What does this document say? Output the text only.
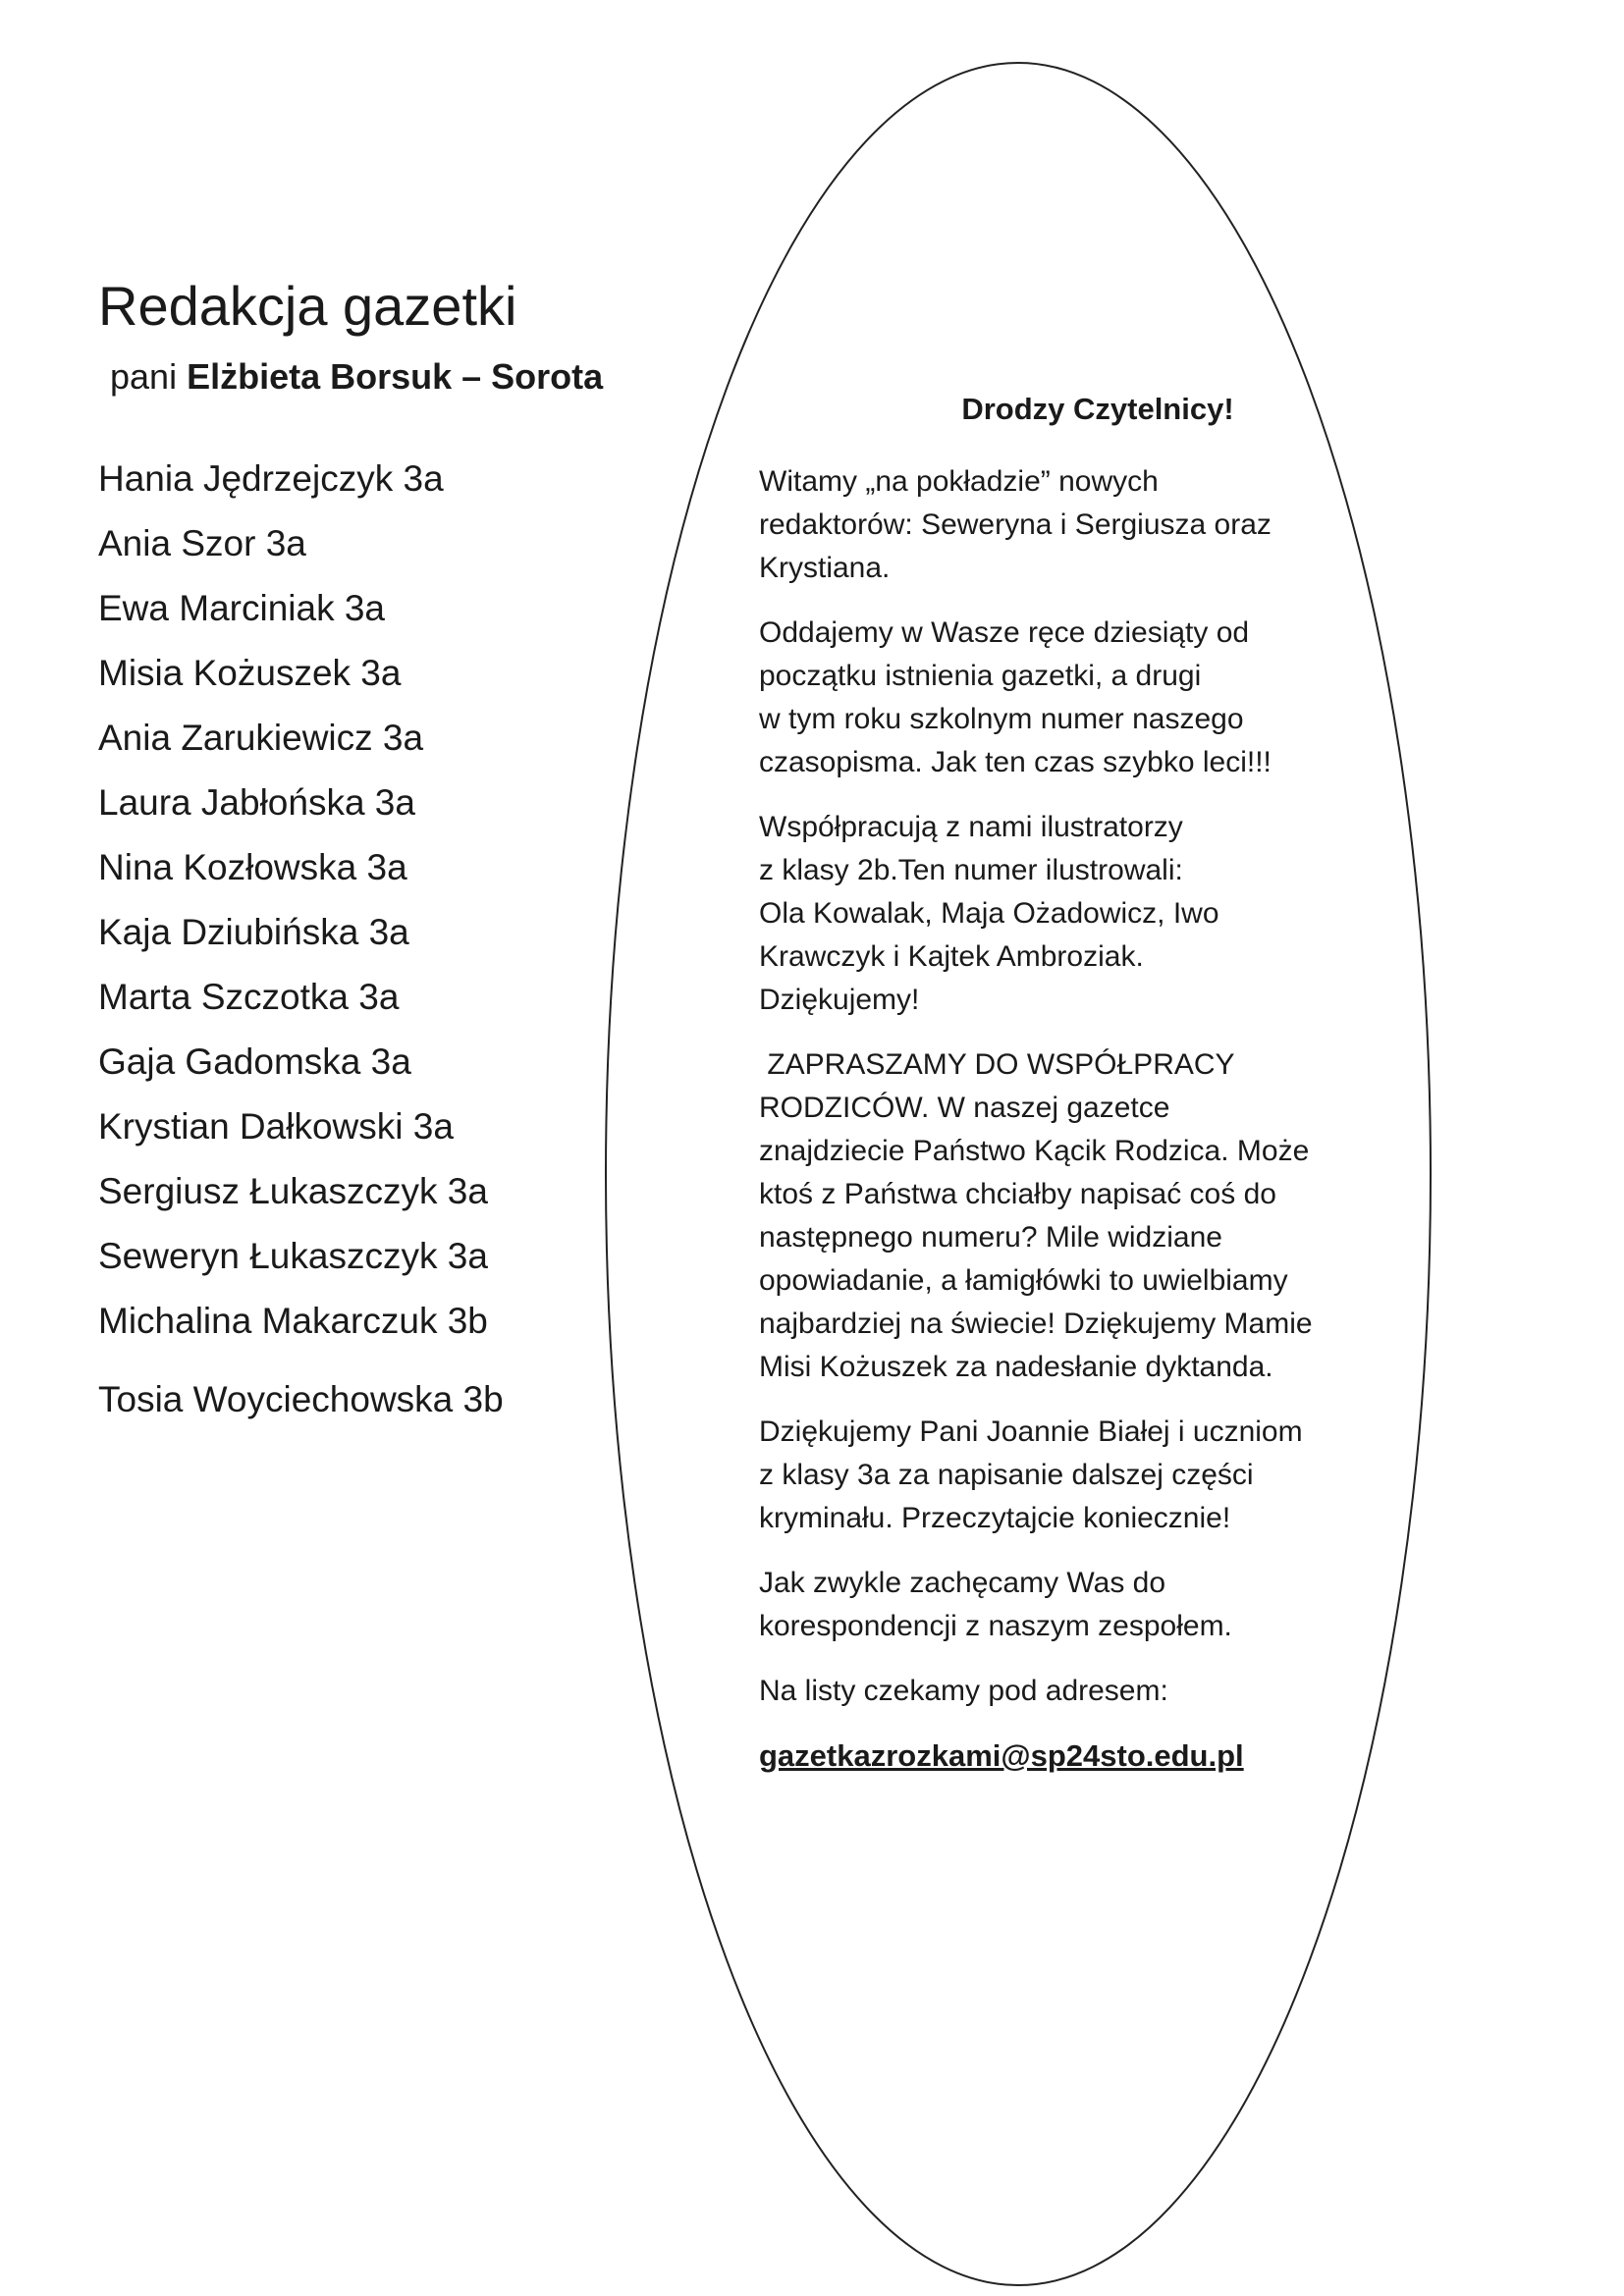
Redakcja gazetki

pani Elżbieta Borsuk – Sorota

Hania Jędrzejczyk 3a
Ania Szor 3a
Ewa Marciniak 3a
Misia Kożuszek 3a
Ania Zarukiewicz 3a
Laura Jabłońska 3a
Nina Kozłowska 3a
Kaja Dziubińska 3a
Marta Szczotka 3a
Gaja Gadomska 3a
Krystian Dałkowski 3a
Sergiusz Łukaszczyk 3a
Seweryn Łukaszczyk 3a
Michalina Makarczuk 3b
Tosia Woyciechowska 3b

Drodzy Czytelnicy!

Witamy „na pokładzie” nowych
redaktorów: Seweryna i Sergiusza oraz
Krystiana.

Oddajemy w Wasze ręce dziesiąty od
początku istnienia gazetki, a drugi
w tym roku szkolnym numer naszego
czasopisma. Jak ten czas szybko leci!!!

Współpracują z nami ilustratorzy
z klasy 2b.Ten numer ilustrowali:
Ola Kowalak, Maja Ożadowicz, Iwo
Krawczyk i Kajtek Ambroziak.
Dziękujemy!

ZAPRASZAMY DO WSPÓŁPRACY
RODZICÓW. W naszej gazetce
znajdziecie Państwo Kącik Rodzica. Może
ktoś z Państwa chciałby napisać coś do
następnego numeru? Mile widziane
opowiadanie, a łamigłówki to uwielbiamy
najbardziej na świecie! Dziękujemy Mamie
Misi Kożuszek za nadesłanie dyktanda.

Dziękujemy Pani Joannie Białej i uczniom
z klasy 3a za napisanie dalszej części
kryminału. Przeczytajcie koniecznie!

Jak zwykle zachęcamy Was do
korespondencji z naszym zespołem.

Na listy czekamy pod adresem:

gazetkazrozkami@sp24sto.edu.pl
